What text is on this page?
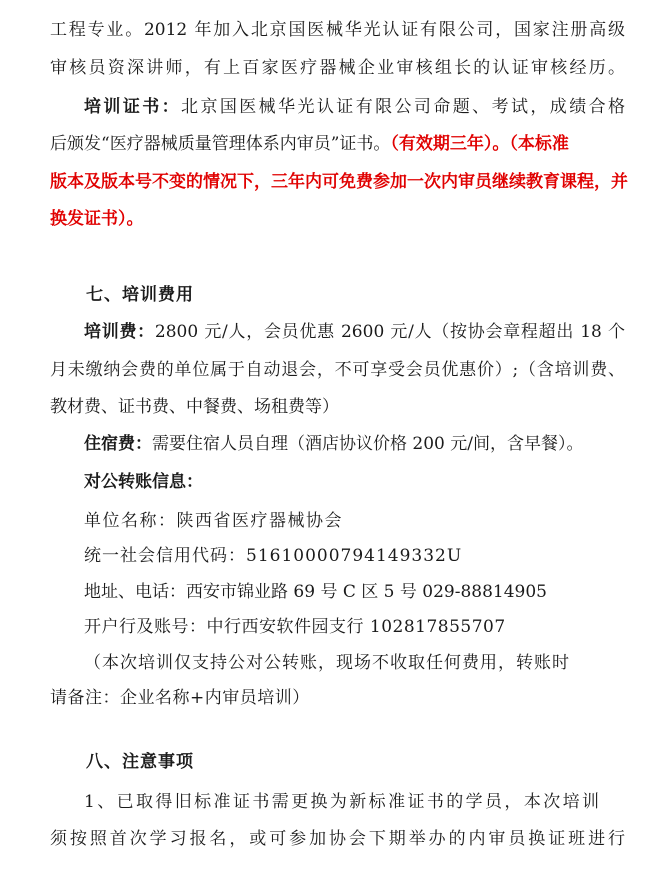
工程专业。2012 年加入北京国医械华光认证有限公司，国家注册高级
审核员资深讲师，有上百家医疗器械企业审核组长的认证审核经历。
培训证书：北京国医械华光认证有限公司命题、考试，成绩合格
后颁发“医疗器械质量管理体系内审员”证书。（有效期三年）。（本标准
版本及版本号不变的情况下，三年内可免费参加一次内审员继续教育课程，并
换发证书）。
七、培训费用
培训费：2800 元/人，会员优惠 2600 元/人（按协会章程超出 18 个
月未缴纳会费的单位属于自动退会，不可享受会员优惠价）;（含培训费、
教材费、证书费、中餐费、场租费等）
住宿费：需要住宿人员自理（酒店协议价格 200 元/间，含早餐）。
对公转账信息：
单位名称：陕西省医疗器械协会
统一社会信用代码：51610000794149332U
地址、电话：西安市锦业路 69 号 C 区 5 号 029-88814905
开户行及账号：中行西安软件园支行 102817855707
（本次培训仅支持公对公转账，现场不收取任何费用，转账时
请备注：企业名称+内审员培训）
八、注意事项
1、已取得旧标准证书需更换为新标准证书的学员，本次培训
须按照首次学习报名，或可参加协会下期举办的内审员换证班进行
